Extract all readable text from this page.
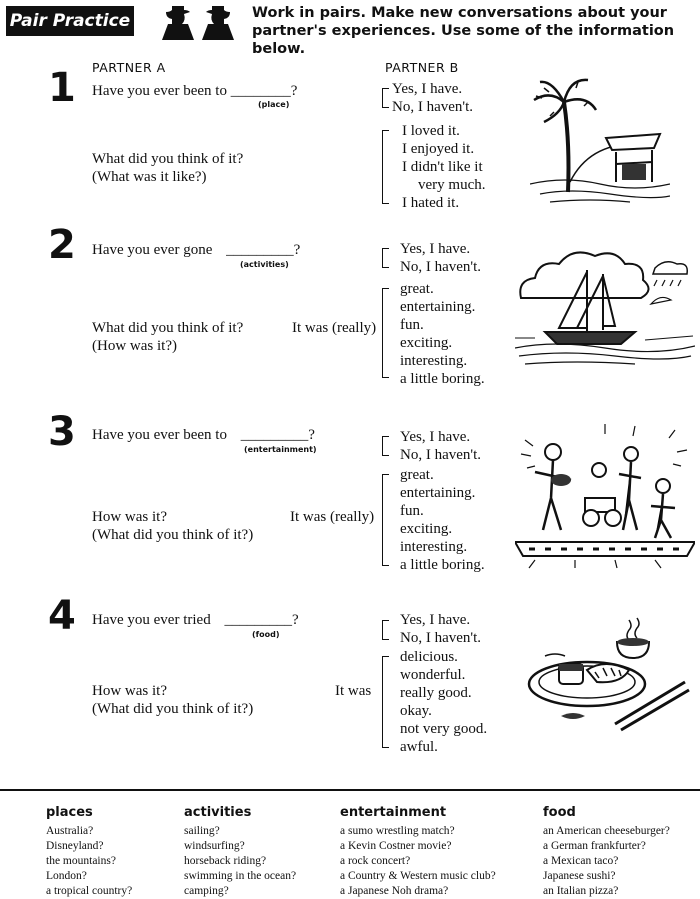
Pair Practice	Work in pairs. Make new conversations about your partner's experiences. Use some of the information below.
PARTNER A	PARTNER B
1 Have you ever been to ________?
(place)
Yes, I have.
No, I haven't.
What did you think of it?
(What was it like?)
I loved it.
I enjoyed it.
I didn't like it
very much.
I hated it.
2 Have you ever gone _________?
(activities)
Yes, I have.
No, I haven't.
What did you think of it?
(How was it?)
It was (really)
great.
entertaining.
fun.
exciting.
interesting.
a little boring.
3 Have you ever been to _________?
(entertainment)
Yes, I have.
No, I haven't.
How was it?
(What did you think of it?)
It was (really)
great.
entertaining.
fun.
exciting.
interesting.
a little boring.
4 Have you ever tried _________?
(food)
Yes, I have.
No, I haven't.
How was it?
(What did you think of it?)
It was
delicious.
wonderful.
really good.
okay.
not very good.
awful.
places
Australia?
Disneyland?
the mountains?
London?
a tropical country?
activities
sailing?
windsurfing?
horseback riding?
swimming in the ocean?
camping?
entertainment
a sumo wrestling match?
a Kevin Costner movie?
a rock concert?
a Country & Western music club?
a Japanese Noh drama?
food
an American cheeseburger?
a German frankfurter?
a Mexican taco?
Japanese sushi?
an Italian pizza?
